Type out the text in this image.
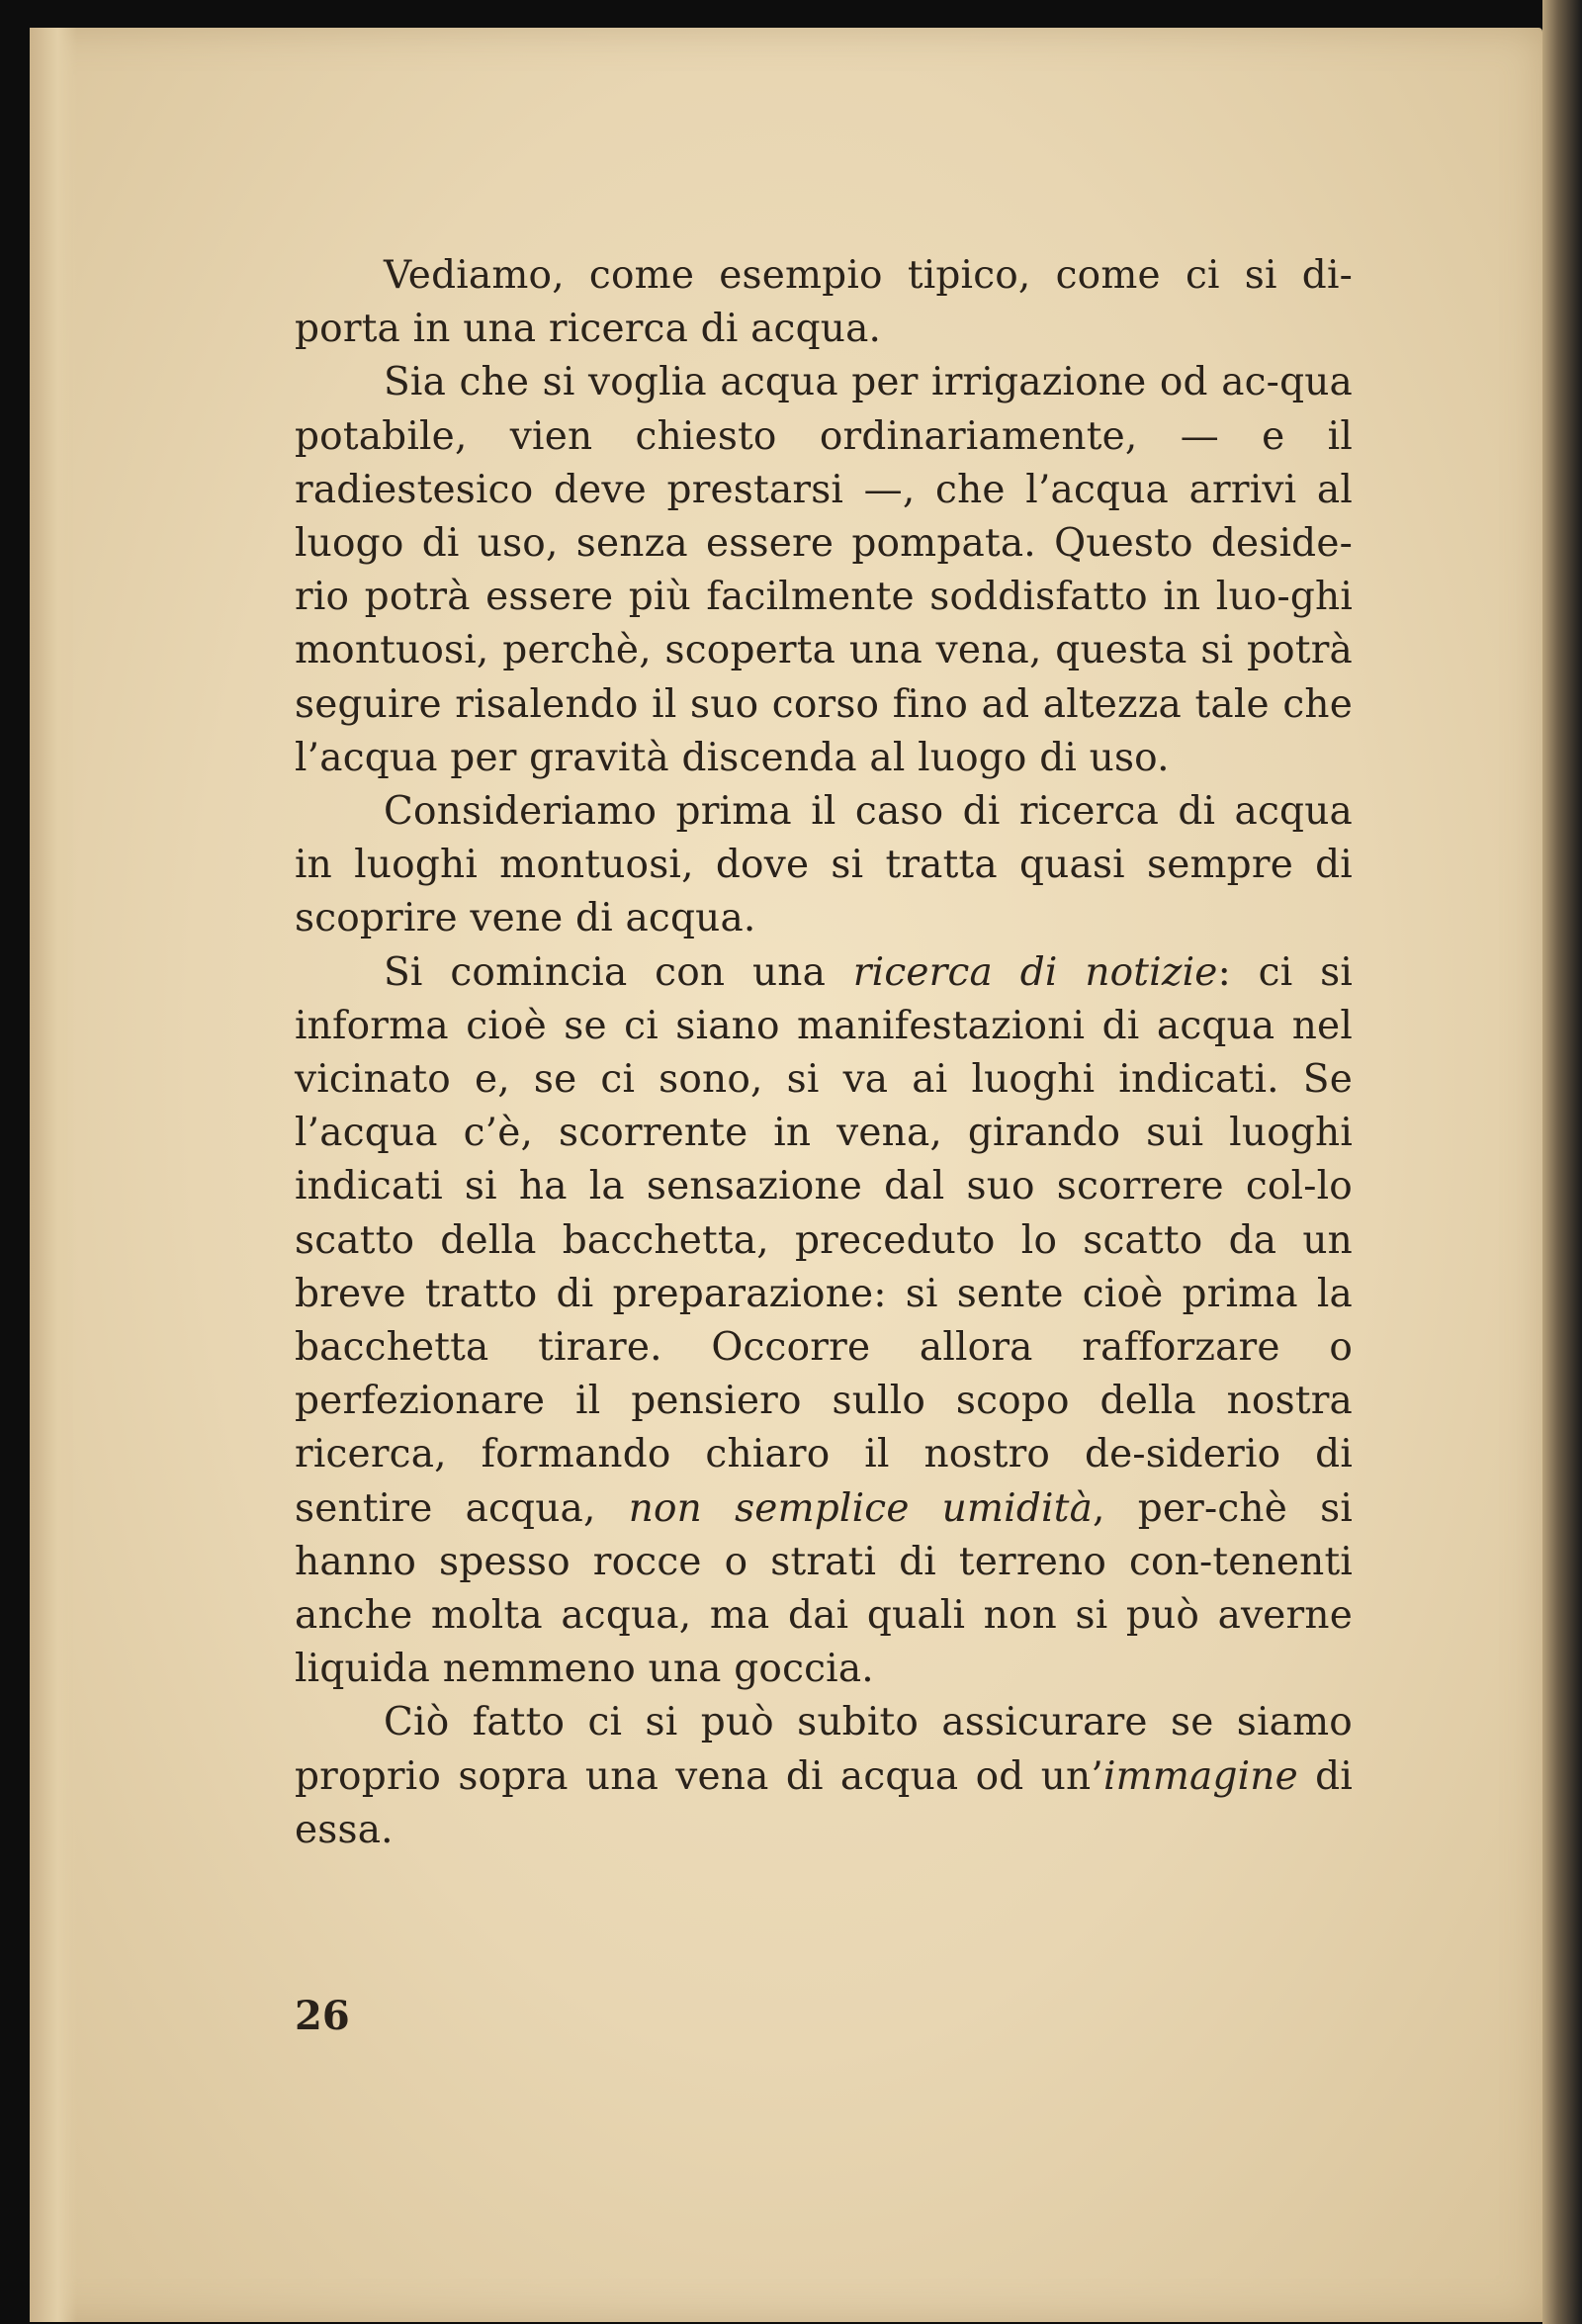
Vediamo, come esempio tipico, come ci si di-porta in una ricerca di acqua.

Sia che si voglia acqua per irrigazione od ac-qua potabile, vien chiesto ordinariamente, — e il radiestesico deve prestarsi —, che l’acqua arrivi al luogo di uso, senza essere pompata. Questo deside-rio potrà essere più facilmente soddisfatto in luo-ghi montuosi, perchè, scoperta una vena, questa si potrà seguire risalendo il suo corso fino ad altezza tale che l’acqua per gravità discenda al luogo di uso.

Consideriamo prima il caso di ricerca di acqua in luoghi montuosi, dove si tratta quasi sempre di scoprire vene di acqua.

Si comincia con una ricerca di notizie: ci si informa cioè se ci siano manifestazioni di acqua nel vicinato e, se ci sono, si va ai luoghi indicati. Se l’acqua c’è, scorrente in vena, girando sui luoghi indicati si ha la sensazione dal suo scorrere col-lo scatto della bacchetta, preceduto lo scatto da un breve tratto di preparazione: si sente cioè prima la bacchetta tirare. Occorre allora rafforzare o perfezionare il pensiero sullo scopo della nostra ricerca, formando chiaro il nostro de-siderio di sentire acqua, non semplice umidità, per-chè si hanno spesso rocce o strati di terreno con-tenenti anche molta acqua, ma dai quali non si può averne liquida nemmeno una goccia.

Ciò fatto ci si può subito assicurare se siamo proprio sopra una vena di acqua od un’immagine di essa.

26
